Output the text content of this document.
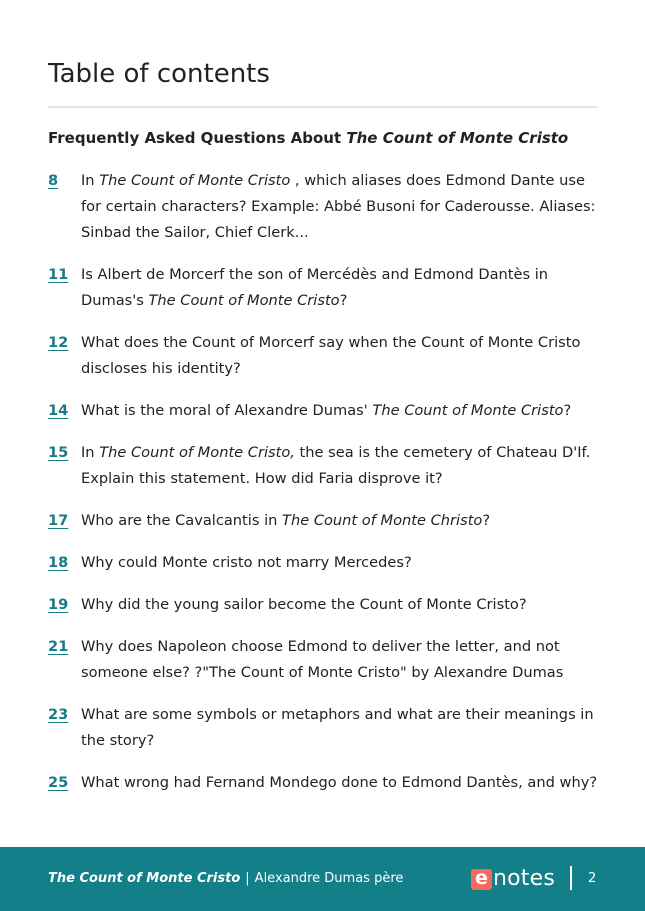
Table of contents
Frequently Asked Questions About The Count of Monte Cristo
8	In The Count of Monte Cristo , which aliases does Edmond Dante use for certain characters? Example: Abbé Busoni for Caderousse. Aliases: Sinbad the Sailor, Chief Clerk...
11 Is Albert de Morcerf the son of Mercédès and Edmond Dantès in Dumas's The Count of Monte Cristo?
12 What does the Count of Morcerf say when the Count of Monte Cristo discloses his identity?
14 What is the moral of Alexandre Dumas' The Count of Monte Cristo?
15 In The Count of Monte Cristo, the sea is the cemetery of Chateau D'If. Explain this statement. How did Faria disprove it?
17 Who are the Cavalcantis in The Count of Monte Christo?
18 Why could Monte cristo not marry Mercedes?
19 Why did the young sailor become the Count of Monte Cristo?
21 Why does Napoleon choose Edmond to deliver the letter, and not someone else? ?"The Count of Monte Cristo" by Alexandre Dumas
23 What are some symbols or metaphors and what are their meanings in the story?
25 What wrong had Fernand Mondego done to Edmond Dantès, and why?
The Count of Monte Cristo | Alexandre Dumas père	e notes	2
